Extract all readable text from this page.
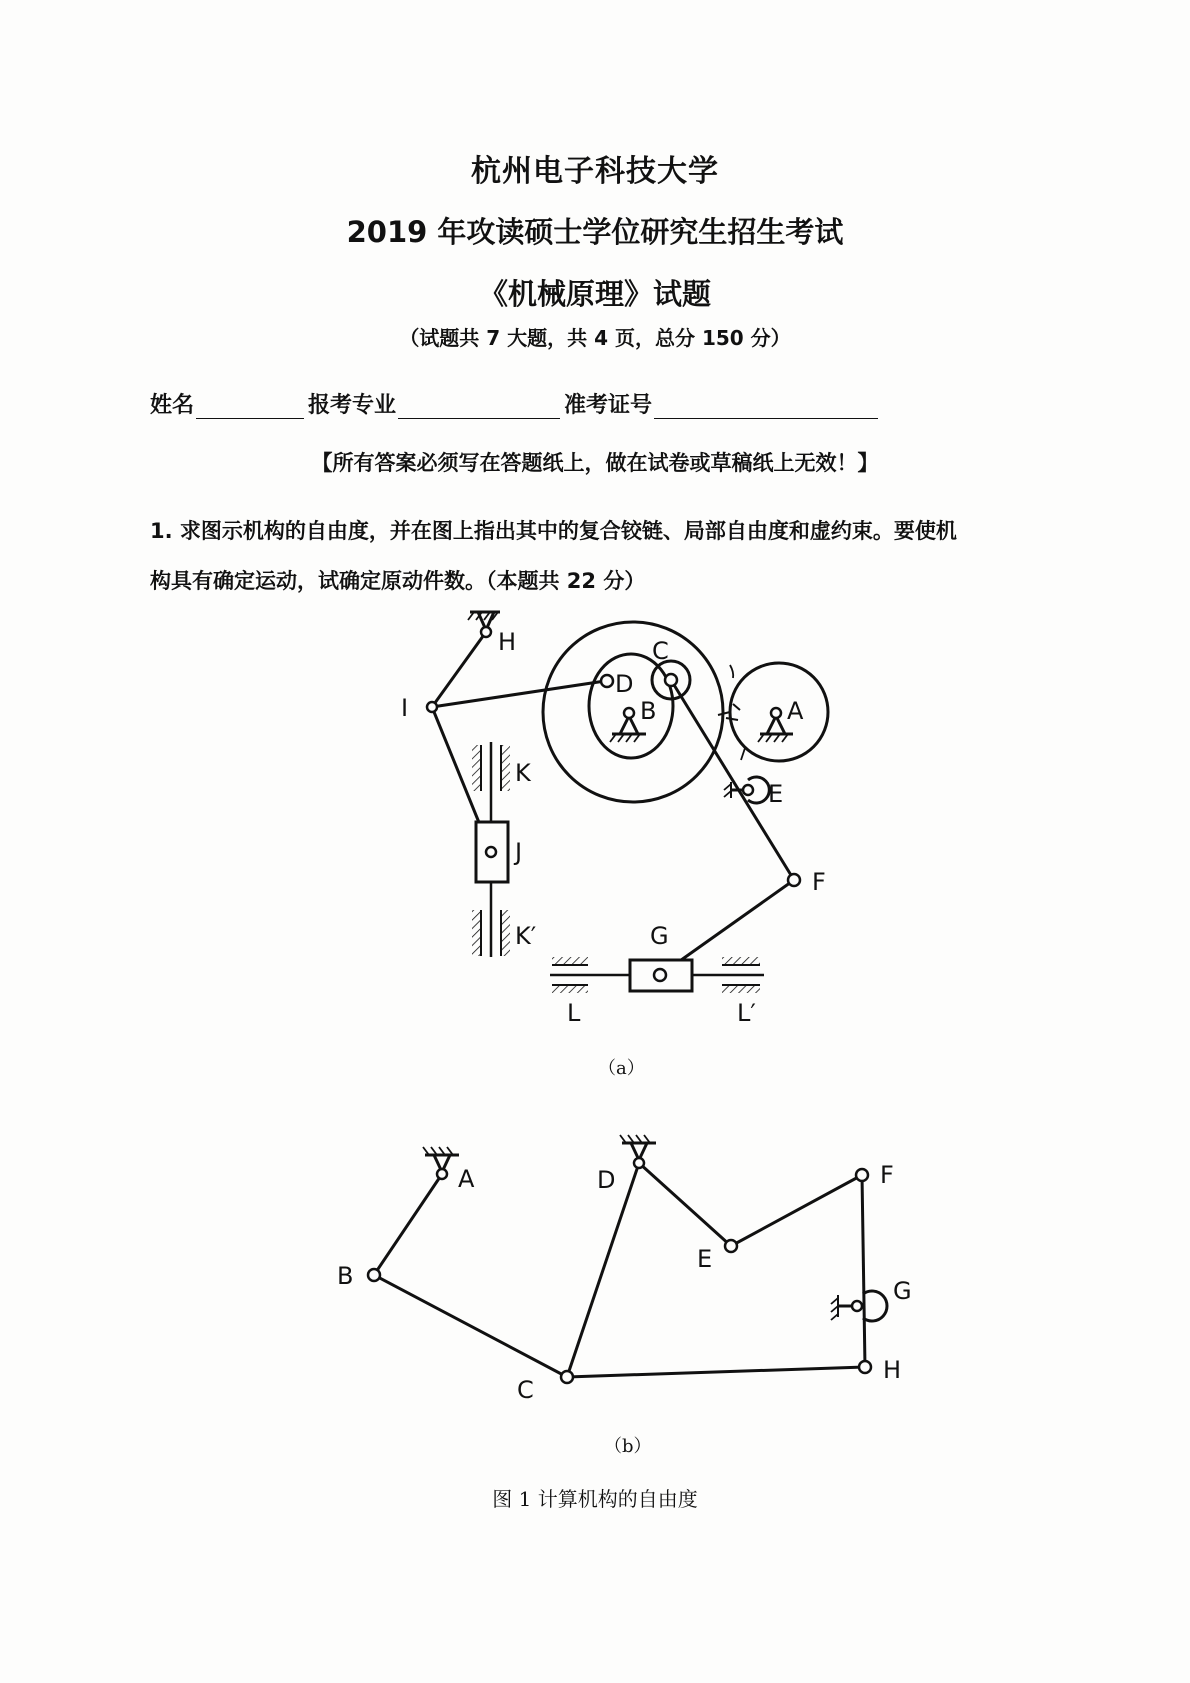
杭州电子科技大学
2019 年攻读硕士学位研究生招生考试
《机械原理》试题
（试题共 7 大题，共 4 页，总分 150 分）
姓名	报考专业	准考证号
【所有答案必须写在答题纸上，做在试卷或草稿纸上无效！】
1. 求图示机构的自由度，并在图上指出其中的复合铰链、局部自由度和虚约束。要使机
构具有确定运动，试确定原动件数。（本题共 22 分）
H
I
D
C
B	A
K
J
K′
E
F
G
L	L′
A
B
C
D
E
F
G
H
（a）
（b）
图 1 计算机构的自由度
